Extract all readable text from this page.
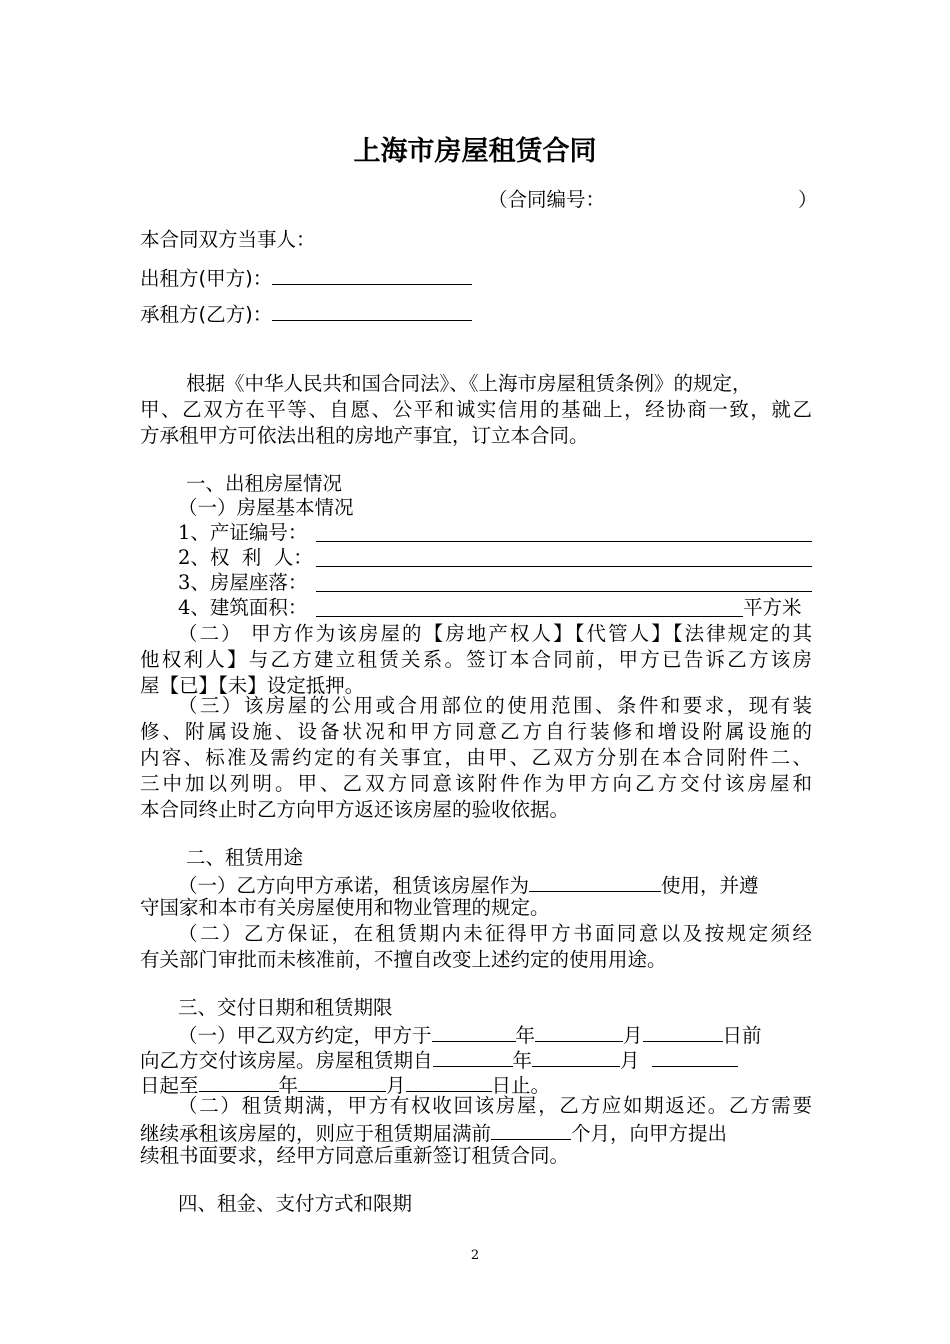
上海市房屋租赁合同
（合同编号：	）
本合同双方当事人：
出租方(甲方)：
承租方(乙方)：
根据《中华人民共和国合同法》、《上海市房屋租赁条例》的规定，
甲、乙双方在平等、自愿、公平和诚实信用的基础上，经协商一致，就乙
方承租甲方可依法出租的房地产事宜，订立本合同。
一、出租房屋情况
（一）房屋基本情况
1、产证编号：
2、权  利  人：
3、房屋座落：
4、建筑面积：	平方米
（二） 甲方作为该房屋的【房地产权人】【代管人】【法律规定的其
他权利人】与乙方建立租赁关系。签订本合同前，甲方已告诉乙方该房
屋【已】【未】设定抵押。
（三）该房屋的公用或合用部位的使用范围、条件和要求，现有装
修、附属设施、设备状况和甲方同意乙方自行装修和增设附属设施的
内容、标准及需约定的有关事宜，由甲、乙双方分别在本合同附件二、
三中加以列明。甲、乙双方同意该附件作为甲方向乙方交付该房屋和
本合同终止时乙方向甲方返还该房屋的验收依据。
二、租赁用途
（一）乙方向甲方承诺，租赁该房屋作为	使用，并遵
守国家和本市有关房屋使用和物业管理的规定。
（二）乙方保证，在租赁期内未征得甲方书面同意以及按规定须经
有关部门审批而未核准前，不擅自改变上述约定的使用用途。
三、交付日期和租赁期限
（一）甲乙双方约定，甲方于	年	月	日前
向乙方交付该房屋。房屋租赁期自	年	月
日起至	年	月	日止。
（二）租赁期满，甲方有权收回该房屋，乙方应如期返还。乙方需要
继续承租该房屋的，则应于租赁期届满前	个月，向甲方提出
续租书面要求，经甲方同意后重新签订租赁合同。
四、租金、支付方式和限期
2
